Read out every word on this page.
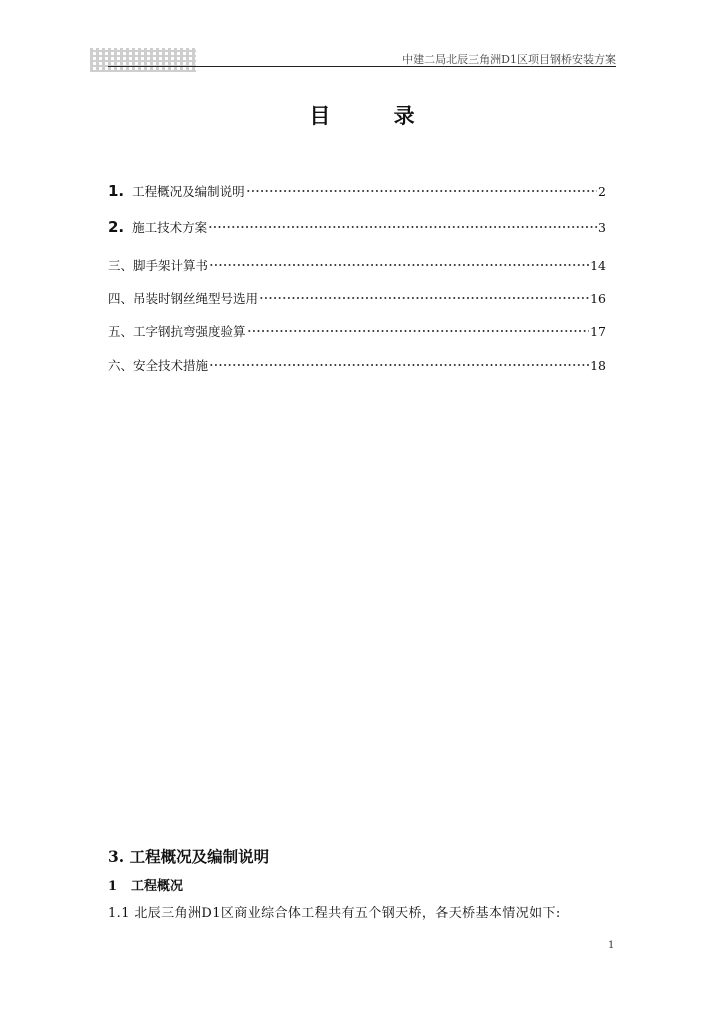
中建二局北辰三角洲D1区项目钢桥安装方案
目 录
1. 工程概况及编制说明	2
2. 施工技术方案	3
三、脚手架计算书	14
四、吊装时钢丝绳型号选用	16
五、工字钢抗弯强度验算	17
六、安全技术措施	18
3. 工程概况及编制说明
1 工程概况
1.1 北辰三角洲D1区商业综合体工程共有五个钢天桥，各天桥基本情况如下:
1
